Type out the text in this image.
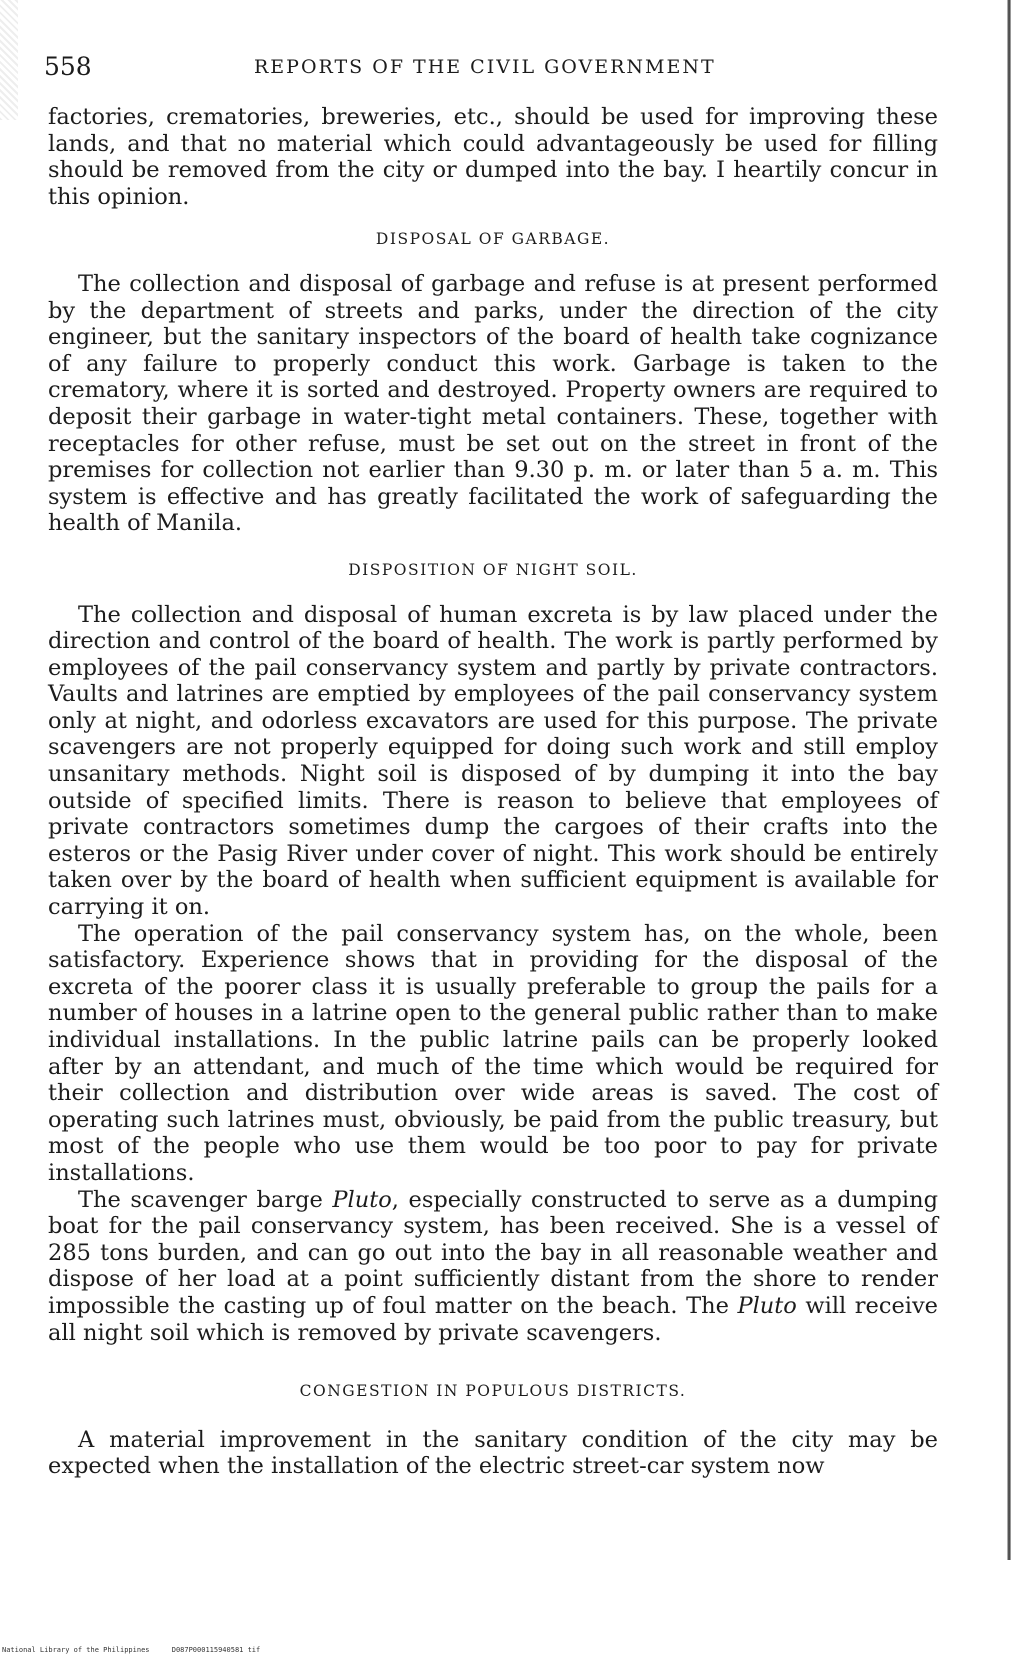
558	REPORTS OF THE CIVIL GOVERNMENT

factories, crematories, breweries, etc., should be used for improving these lands, and that no material which could advantageously be used for filling should be removed from the city or dumped into the bay. I heartily concur in this opinion.

DISPOSAL OF GARBAGE.

The collection and disposal of garbage and refuse is at present performed by the department of streets and parks, under the direction of the city engineer, but the sanitary inspectors of the board of health take cognizance of any failure to properly conduct this work. Garbage is taken to the crematory, where it is sorted and destroyed. Property owners are required to deposit their garbage in water-tight metal containers. These, together with receptacles for other refuse, must be set out on the street in front of the premises for collection not earlier than 9.30 p. m. or later than 5 a. m. This system is effective and has greatly facilitated the work of safeguarding the health of Manila.

DISPOSITION OF NIGHT SOIL.

The collection and disposal of human excreta is by law placed under the direction and control of the board of health. The work is partly performed by employees of the pail conservancy system and partly by private contractors. Vaults and latrines are emptied by employees of the pail conservancy system only at night, and odorless excavators are used for this purpose. The private scavengers are not properly equipped for doing such work and still employ unsanitary methods. Night soil is disposed of by dumping it into the bay outside of specified limits. There is reason to believe that employees of private contractors sometimes dump the cargoes of their crafts into the esteros or the Pasig River under cover of night. This work should be entirely taken over by the board of health when sufficient equipment is available for carrying it on.

The operation of the pail conservancy system has, on the whole, been satisfactory. Experience shows that in providing for the disposal of the excreta of the poorer class it is usually preferable to group the pails for a number of houses in a latrine open to the general public rather than to make individual installations. In the public latrine pails can be properly looked after by an attendant, and much of the time which would be required for their collection and distribution over wide areas is saved. The cost of operating such latrines must, obviously, be paid from the public treasury, but most of the people who use them would be too poor to pay for private installations.

The scavenger barge Pluto, especially constructed to serve as a dumping boat for the pail conservancy system, has been received. She is a vessel of 285 tons burden, and can go out into the bay in all reasonable weather and dispose of her load at a point sufficiently distant from the shore to render impossible the casting up of foul matter on the beach. The Pluto will receive all night soil which is removed by private scavengers.

CONGESTION IN POPULOUS DISTRICTS.

A material improvement in the sanitary condition of the city may be expected when the installation of the electric street-car system now

National Library of the Philippines	D087P000115940581 tif
